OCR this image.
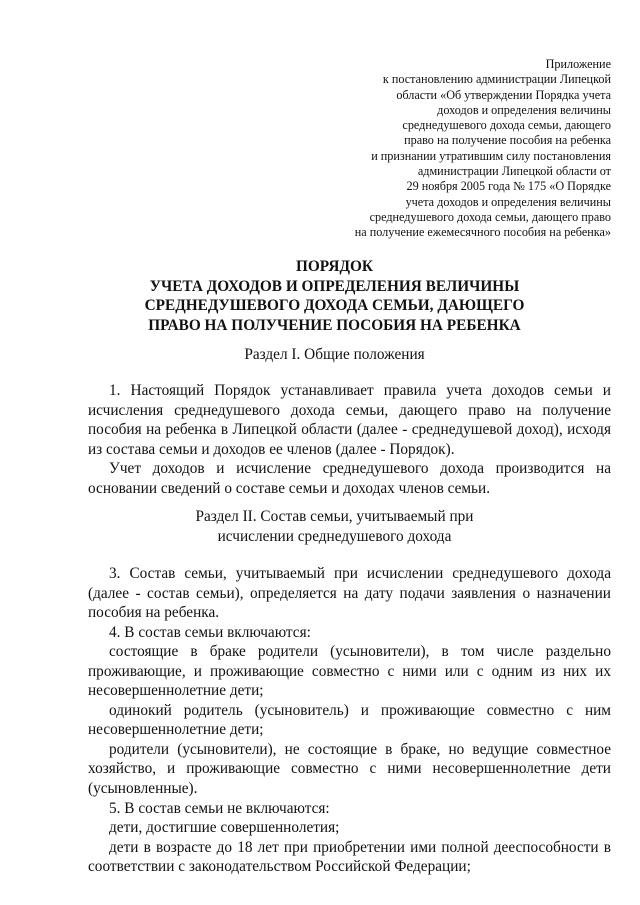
Приложение
к постановлению администрации Липецкой
области «Об утверждении Порядка учета
доходов и определения величины
среднедушевого дохода семьи, дающего
право на получение пособия на ребенка
и признании утратившим силу постановления
администрации Липецкой области от
29 ноября 2005 года № 175 «О Порядке
учета доходов и определения величины
среднедушевого дохода семьи, дающего право
на получение ежемесячного пособия на ребенка»
ПОРЯДОК
УЧЕТА ДОХОДОВ И ОПРЕДЕЛЕНИЯ ВЕЛИЧИНЫ
СРЕДНЕДУШЕВОГО ДОХОДА СЕМЬИ, ДАЮЩЕГО
ПРАВО НА ПОЛУЧЕНИЕ ПОСОБИЯ НА РЕБЕНКА
Раздел I. Общие положения

1. Настоящий Порядок устанавливает правила учета доходов семьи и исчисления среднедушевого дохода семьи, дающего право на получение пособия на ребенка в Липецкой области (далее - среднедушевой доход), исходя из состава семьи и доходов ее членов (далее - Порядок).

Учет доходов и исчисление среднедушевого дохода производится на основании сведений о составе семьи и доходах членов семьи.

Раздел II. Состав семьи, учитываемый при
исчислении среднедушевого дохода

3. Состав семьи, учитываемый при исчислении среднедушевого дохода (далее - состав семьи), определяется на дату подачи заявления о назначении пособия на ребенка.

4. В состав семьи включаются:

состоящие в браке родители (усыновители), в том числе раздельно проживающие, и проживающие совместно с ними или с одним из них их несовершеннолетние дети;

одинокий родитель (усыновитель) и проживающие совместно с ним несовершеннолетние дети;

родители (усыновители), не состоящие в браке, но ведущие совместное хозяйство, и проживающие совместно с ними несовершеннолетние дети (усыновленные).

5. В состав семьи не включаются:

дети, достигшие совершеннолетия;

дети в возрасте до 18 лет при приобретении ими полной дееспособности в соответствии с законодательством Российской Федерации;
